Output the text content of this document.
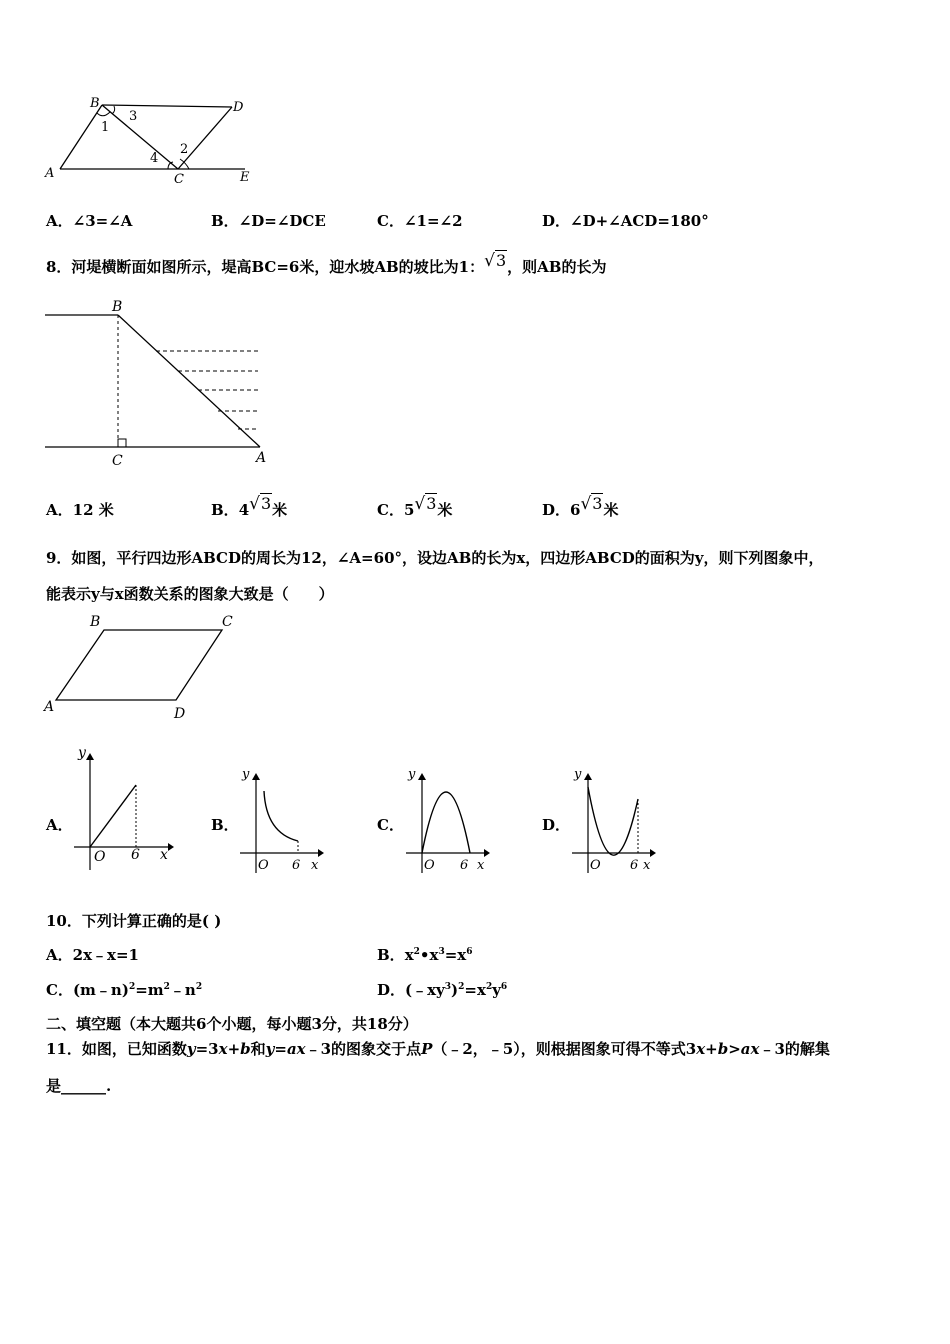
A
B	D
C	E
1
3
2
4
A．∠3=∠A	B．∠D=∠DCE	C．∠1=∠2	D．∠D+∠ACD=180°
8．河堤横断面如图所示，堤高BC=6米，迎水坡AB的坡比为1：√3，则AB的长为
B
C	A
A．12 米	B．4√3米	C．5√3米	D．6√3米
9．如图，平行四边形ABCD的周长为12，∠A=60°，设边AB的长为x，四边形ABCD的面积为y，则下列图象中，
能表示y与x函数关系的图象大致是（　　）
A
B	C
D
A．	B．	C．	D．
y
x
O 6
y
x
O 6
y
x
O 6
y
x
O 6
10．下列计算正确的是( )
A．2x﹣x=1	B．$x^2•x^3=x^6$
C．$(m﹣n)^2=m^2﹣n^2$	D．$(﹣xy^3)^2=x^2y^6$
二、填空题（本大题共6个小题，每小题3分，共18分）
11．如图，已知函数y=3x+b和y=ax﹣3的图象交于点P（﹣2，﹣5），则根据图象可得不等式3x+b>ax﹣3的解集
是______.
